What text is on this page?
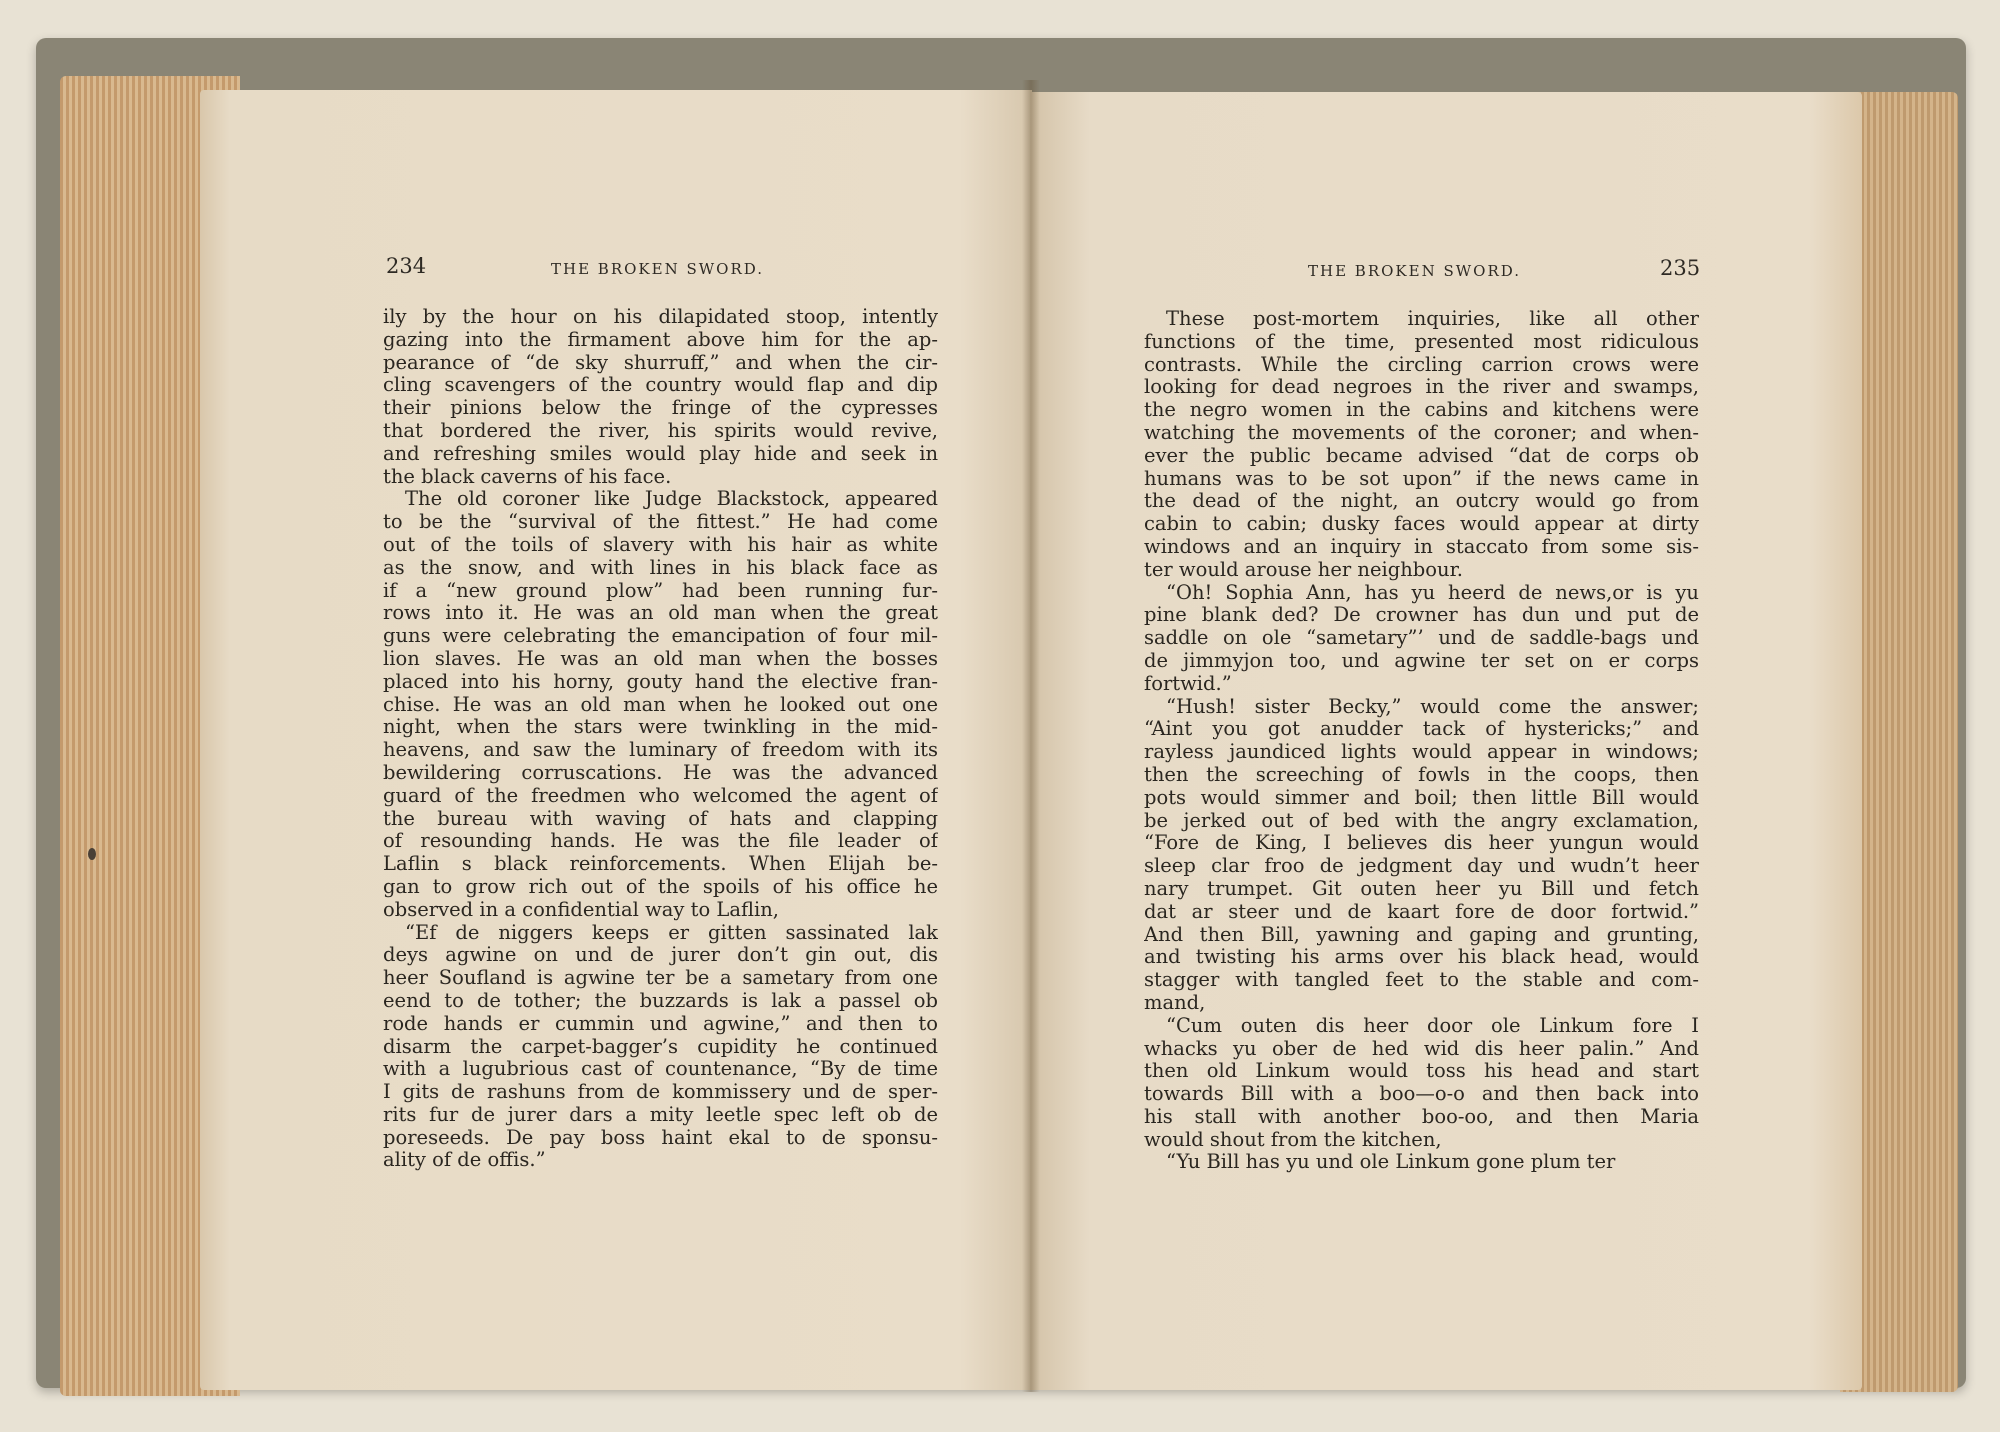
234	THE BROKEN SWORD.
ily by the hour on his dilapidated stoop, intently
gazing into the firmament above him for the ap-
pearance of “de sky shurruff,” and when the cir-
cling scavengers of the country would flap and dip
their pinions below the fringe of the cypresses
that bordered the river, his spirits would revive,
and refreshing smiles would play hide and seek in
the black caverns of his face.
The old coroner like Judge Blackstock, appeared
to be the “survival of the fittest.” He had come
out of the toils of slavery with his hair as white
as the snow, and with lines in his black face as
if a “new ground plow” had been running fur-
rows into it. He was an old man when the great
guns were celebrating the emancipation of four mil-
lion slaves. He was an old man when the bosses
placed into his horny, gouty hand the elective fran-
chise. He was an old man when he looked out one
night, when the stars were twinkling in the mid-
heavens, and saw the luminary of freedom with its
bewildering corruscations. He was the advanced
guard of the freedmen who welcomed the agent of
the bureau with waving of hats and clapping
of resounding hands. He was the file leader of
Laflin s black reinforcements. When Elijah be-
gan to grow rich out of the spoils of his office he
observed in a confidential way to Laflin,
“Ef de niggers keeps er gitten sassinated lak
deys agwine on und de jurer don’t gin out, dis
heer Soufland is agwine ter be a sametary from one
eend to de tother; the buzzards is lak a passel ob
rode hands er cummin und agwine,” and then to
disarm the carpet-bagger’s cupidity he continued
with a lugubrious cast of countenance, “By de time
I gits de rashuns from de kommissery und de sper-
rits fur de jurer dars a mity leetle spec left ob de
poreseeds. De pay boss haint ekal to de sponsu-
ality of de offis.”
THE BROKEN SWORD.	235
These post-mortem inquiries, like all other
functions of the time, presented most ridiculous
contrasts. While the circling carrion crows were
looking for dead negroes in the river and swamps,
the negro women in the cabins and kitchens were
watching the movements of the coroner; and when-
ever the public became advised “dat de corps ob
humans was to be sot upon” if the news came in
the dead of the night, an outcry would go from
cabin to cabin; dusky faces would appear at dirty
windows and an inquiry in staccato from some sis-
ter would arouse her neighbour.
“Oh! Sophia Ann, has yu heerd de news,or is yu
pine blank ded? De crowner has dun und put de
saddle on ole “sametary”’ und de saddle-bags und
de jimmyjon too, und agwine ter set on er corps
fortwid.”
“Hush! sister Becky,” would come the answer;
“Aint you got anudder tack of hystericks;” and
rayless jaundiced lights would appear in windows;
then the screeching of fowls in the coops, then
pots would simmer and boil; then little Bill would
be jerked out of bed with the angry exclamation,
“Fore de King, I believes dis heer yungun would
sleep clar froo de jedgment day und wudn’t heer
nary trumpet. Git outen heer yu Bill und fetch
dat ar steer und de kaart fore de door fortwid.”
And then Bill, yawning and gaping and grunting,
and twisting his arms over his black head, would
stagger with tangled feet to the stable and com-
mand,
“Cum outen dis heer door ole Linkum fore I
whacks yu ober de hed wid dis heer palin.” And
then old Linkum would toss his head and start
towards Bill with a boo—o-o and then back into
his stall with another boo-oo, and then Maria
would shout from the kitchen,
“Yu Bill has yu und ole Linkum gone plum ter
